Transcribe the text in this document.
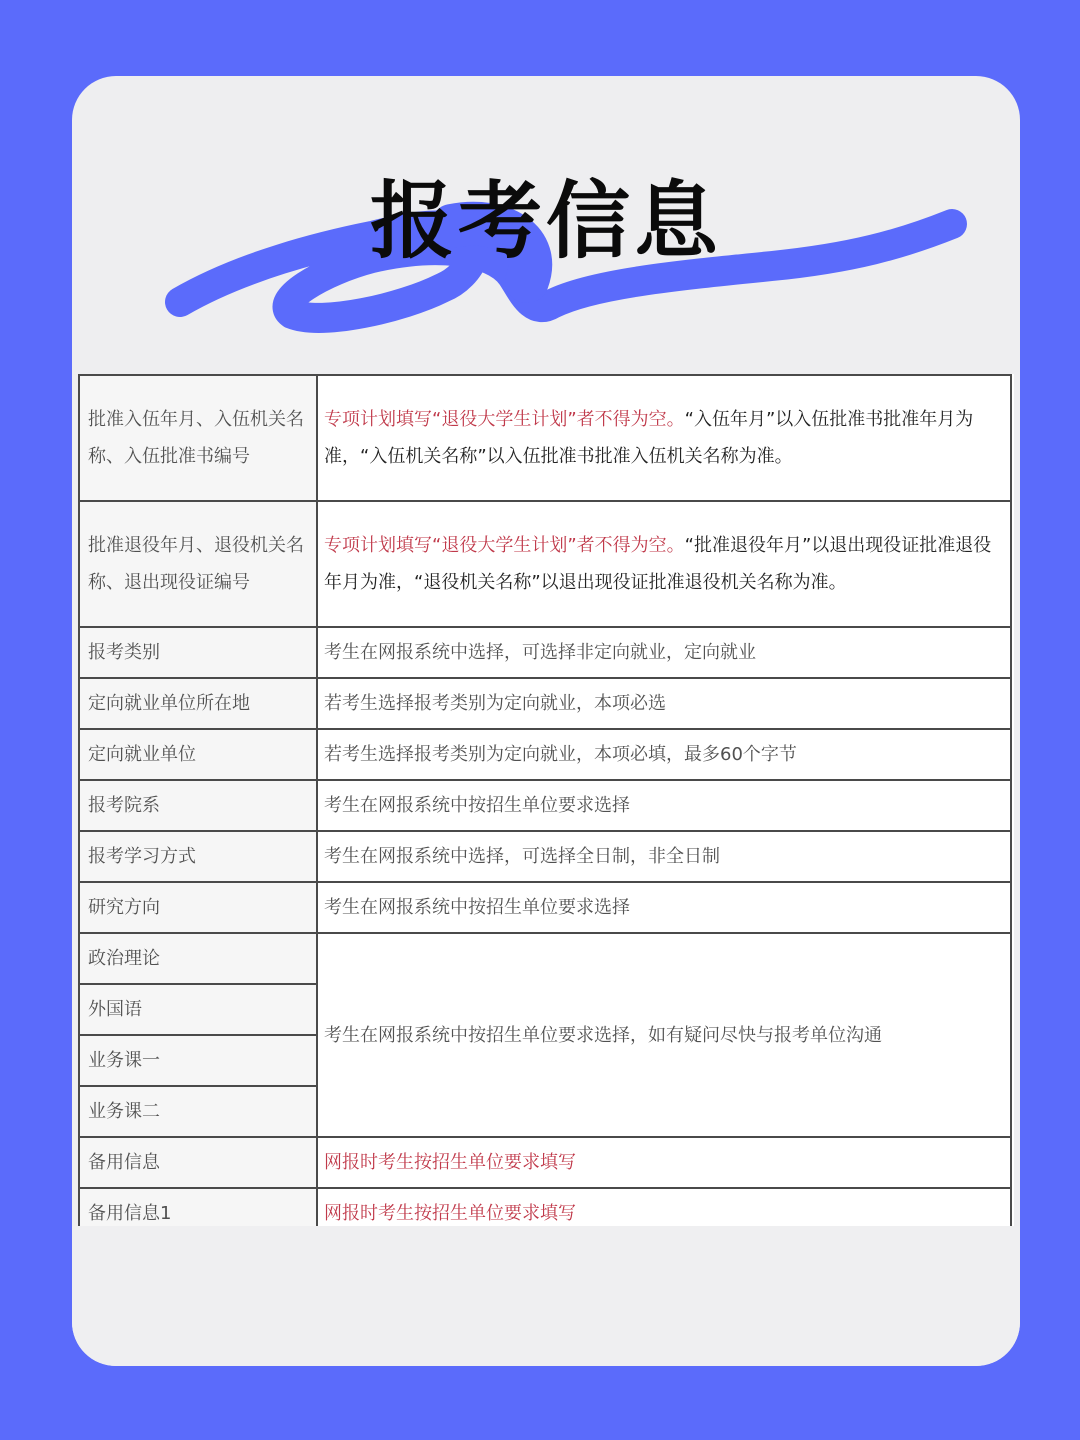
报考信息
批准入伍年月、入伍机关名称、入伍批准书编号	专项计划填写“退役大学生计划”者不得为空。“入伍年月”以入伍批准书批准年月为准，“入伍机关名称”以入伍批准书批准入伍机关名称为准。
批准退役年月、退役机关名称、退出现役证编号	专项计划填写“退役大学生计划”者不得为空。“批准退役年月”以退出现役证批准退役年月为准，“退役机关名称”以退出现役证批准退役机关名称为准。
报考类别	考生在网报系统中选择，可选择非定向就业，定向就业
定向就业单位所在地	若考生选择报考类别为定向就业，本项必选
定向就业单位	若考生选择报考类别为定向就业，本项必填，最多60个字节
报考院系	考生在网报系统中按招生单位要求选择
报考学习方式	考生在网报系统中选择，可选择全日制，非全日制
研究方向	考生在网报系统中按招生单位要求选择
政治理论	考生在网报系统中按招生单位要求选择，如有疑问尽快与报考单位沟通
外国语	
业务课一	
业务课二	
备用信息	网报时考生按招生单位要求填写
备用信息1	网报时考生按招生单位要求填写
